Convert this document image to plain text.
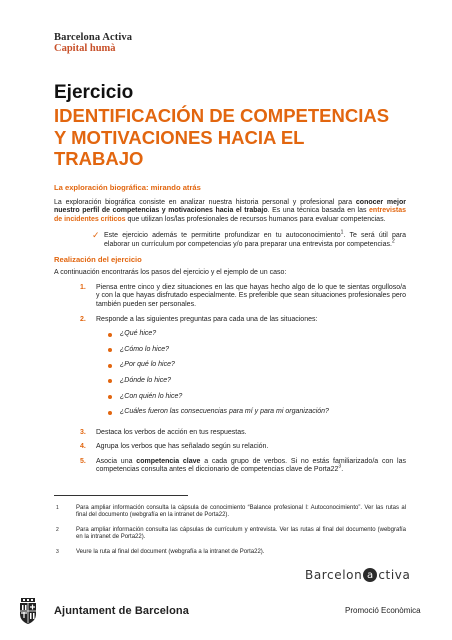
Barcelona Activa
Capital humà
Ejercicio
IDENTIFICACIÓN DE COMPETENCIAS
Y MOTIVACIONES HACIA EL
TRABAJO
La exploración biográfica: mirando atrás

La exploración biográfica consiste en analizar nuestra historia personal y profesional para conocer mejor nuestro perfil de competencias y motivaciones hacia el trabajo. Es una técnica basada en las entrevistas de incidentes críticos que utilizan los/las profesionales de recursos humanos para evaluar competencias.

✓ Este ejercicio además te permitirte profundizar en tu autoconocimiento$^1$. Te será útil para elaborar un currículum por competencias y/o para preparar una entrevista por competencias.$^2$
Realización del ejercicio

A continuación encontrarás los pasos del ejercicio y el ejemplo de un caso:

1. Piensa entre cinco y diez situaciones en las que hayas hecho algo de lo que te sientas orgulloso/a y con la que hayas disfrutado especialmente. Es preferible que sean situaciones profesionales pero también pueden ser personales.
2. Responde a las siguientes preguntas para cada una de las situaciones:
¿Qué hice?
¿Cómo lo hice?
¿Por qué lo hice?
¿Dónde lo hice?
¿Con quién lo hice?
¿Cuáles fueron las consecuencias para mí y para mi organización?
3. Destaca los verbos de acción en tus respuestas.
4. Agrupa los verbos que has señalado según su relación.
5. Asocia una competencia clave a cada grupo de verbos. Si no estás familiarizado/a con las competencias consulta antes el diccionario de competencias clave de $Porta22^3$.
1	Para ampliar información consulta la cápsula de conocimiento “Balance profesional I: Autoconocimiento”. Ver las rutas al final del documento (webgrafía en la intranet de Porta22).
2	Para ampliar información consulta las cápsulas de currículum y entrevista. Ver las rutas al final del documento (webgrafía en la intranet de Porta22).
3	Veure la ruta al final del document (webgrafía a la intranet de Porta22).
Barcelon a ctiva
Ajuntament de Barcelona	Promoció Econòmica
